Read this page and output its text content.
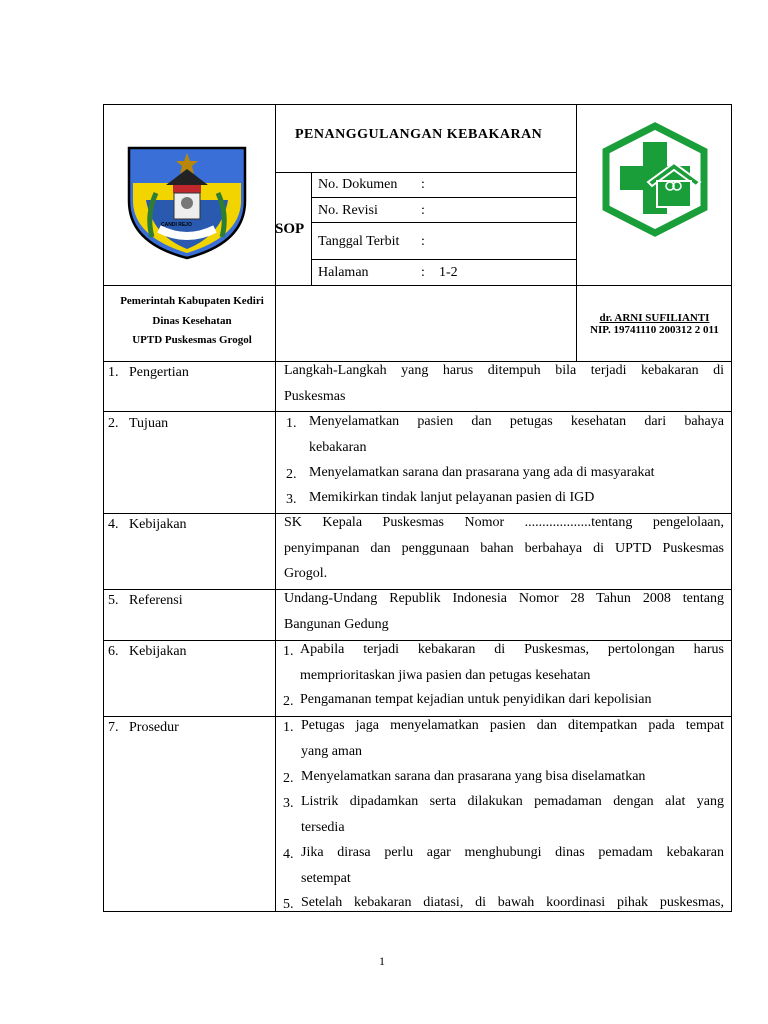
CANDI REJO
PENANGGULANGAN KEBAKARAN
SOP
No. Dokumen :
No. Revisi	:
Tanggal Terbit :
Halaman	: 1-2
Pemerintah Kabupaten Kediri
Dinas Kesehatan
UPTD Puskesmas Grogol
dr. ARNI SUFILIANTI
NIP. 19741110 200312 2 011
1. Pengertian	Langkah-Langkah yang harus ditempuh bila terjadi kebakaran di
Puskesmas
2. Tujuan	1. Menyelamatkan pasien dan petugas kesehatan dari bahaya
kebakaran
2. Menyelamatkan sarana dan prasarana yang ada di masyarakat
3. Memikirkan tindak lanjut pelayanan pasien di IGD
4. Kebijakan	SK Kepala Puskesmas Nomor ...................tentang pengelolaan,
penyimpanan dan penggunaan bahan berbahaya di UPTD Puskesmas
Grogol.
5. Referensi	Undang-Undang Republik Indonesia Nomor 28 Tahun 2008 tentang
Bangunan Gedung
6. Kebijakan	1. Apabila terjadi kebakaran di Puskesmas, pertolongan harus
memprioritaskan jiwa pasien dan petugas kesehatan
2. Pengamanan tempat kejadian untuk penyidikan dari kepolisian
7. Prosedur	1. Petugas jaga menyelamatkan pasien dan ditempatkan pada tempat
yang aman
2. Menyelamatkan sarana dan prasarana yang bisa diselamatkan
3. Listrik dipadamkan serta dilakukan pemadaman dengan alat yang
tersedia
4. Jika dirasa perlu agar menghubungi dinas pemadam kebakaran
setempat
5. Setelah kebakaran diatasi, di bawah koordinasi pihak puskesmas,
1
